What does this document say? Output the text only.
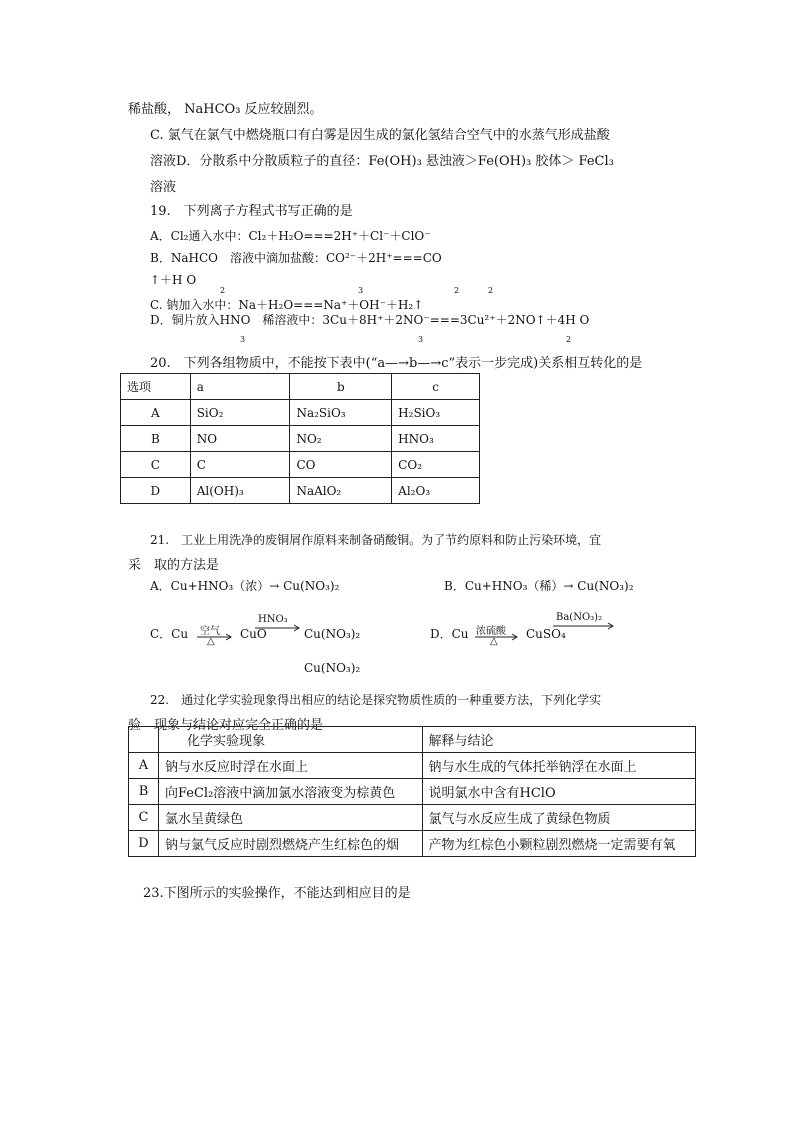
稀盐酸， NaHCO₃ 反应较剧烈。
C. 氯气在氯气中燃烧瓶口有白雾是因生成的氯化氢结合空气中的水蒸气形成盐酸
溶液D．分散系中分散质粒子的直径：Fe(OH)₃ 悬浊液＞Fe(OH)₃ 胶体＞ FeCl₃
溶液
19.　下列离子方程式书写正确的是
A．Cl₂通入水中：Cl₂＋H₂O===2H⁺＋Cl⁻＋ClO⁻
B．NaHCO　溶液中滴加盐酸：CO²⁻＋2H⁺===CO
↑＋H O
2	3	2	2
C. 钠加入水中：Na＋H₂O===Na⁺＋OH⁻＋H₂↑
D．铜片放入HNO　稀溶液中：3Cu＋8H⁺＋2NO⁻===3Cu²⁺＋2NO↑＋4H O
3	3	2
20.　下列各组物质中，不能按下表中(“a—→b—→c”表示一步完成)关系相互转化的是
选项	a	b	c
A	SiO₂	Na₂SiO₃	H₂SiO₃
B	NO	NO₂	HNO₃
C	C	CO	CO₂
D	Al(OH)₃	NaAlO₂	Al₂O₃
21.　工业上用洗净的废铜屑作原料来制备硝酸铜。为了节约原料和防止污染环境，宜
采　取的方法是
A．Cu+HNO₃（浓）→ Cu(NO₃)₂	B．Cu+HNO₃（稀）→ Cu(NO₃)₂
C．Cu 空气
△
CuO
HNO₃
Cu(NO₃)₂	D．Cu 浓硫酸
△
CuSO₄
Ba(NO₃)₂
Cu(NO₃)₂
22.　通过化学实验现象得出相应的结论是探究物质性质的一种重要方法，下列化学实
验　现象与结论对应完全正确的是
	化学实验现象	解释与结论
A	钠与水反应时浮在水面上	钠与水生成的气体托举钠浮在水面上
B	向FeCl₂溶液中滴加氯水溶液变为棕黄色	说明氯水中含有HClO
C	氯水呈黄绿色	氯气与水反应生成了黄绿色物质
D	钠与氯气反应时剧烈燃烧产生红棕色的烟	产物为红棕色小颗粒剧烈燃烧一定需要有氧
23.下图所示的实验操作，不能达到相应目的是
